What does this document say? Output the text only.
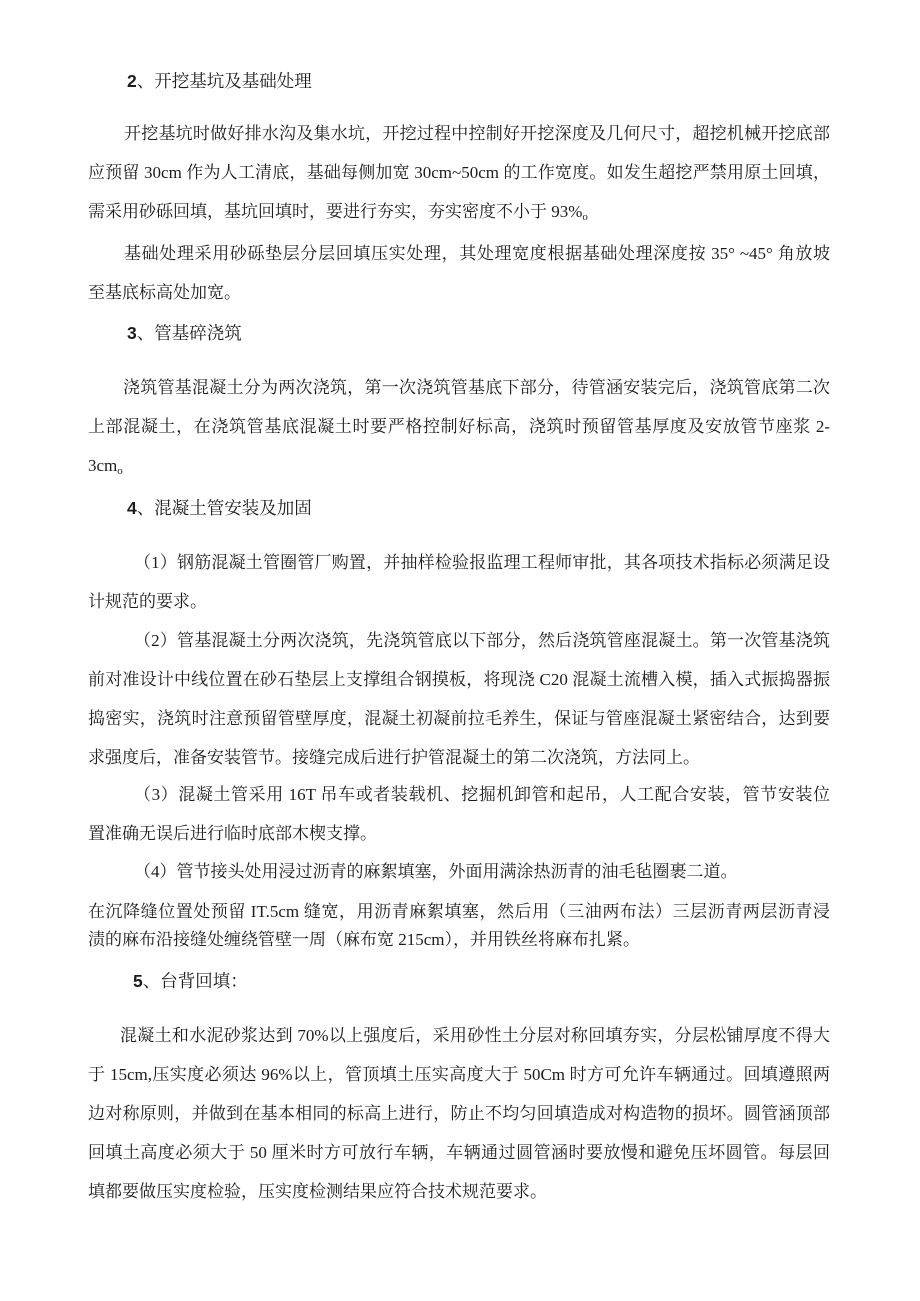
2、开挖基坑及基础处理
开挖基坑时做好排水沟及集水坑，开挖过程中控制好开挖深度及几何尺寸，超挖机械开挖底部
应预留 30cm 作为人工清底，基础每侧加宽 30cm~50cm 的工作宽度。如发生超挖严禁用原土回填，
需采用砂砾回填，基坑回填时，要进行夯实，夯实密度不小于 93%o
基础处理采用砂砾垫层分层回填压实处理，其处理宽度根据基础处理深度按 35° ~45° 角放坡
至基底标高处加宽。
3、管基碎浇筑
浇筑管基混凝土分为两次浇筑，第一次浇筑管基底下部分，待管涵安装完后，浇筑管底第二次
上部混凝土，在浇筑管基底混凝土时要严格控制好标高，浇筑时预留管基厚度及安放管节座浆 2-
3cmo
4、混凝土管安装及加固
（1）钢筋混凝土管圈管厂购置，并抽样检验报监理工程师审批，其各项技术指标必须满足设
计规范的要求。
（2）管基混凝土分两次浇筑，先浇筑管底以下部分，然后浇筑管座混凝土。第一次管基浇筑
前对准设计中线位置在砂石垫层上支撑组合钢摸板，将现浇 C20 混凝土流槽入模，插入式振捣器振
捣密实，浇筑时注意预留管壁厚度，混凝土初凝前拉毛养生，保证与管座混凝土紧密结合，达到要
求强度后，准备安装管节。接缝完成后进行护管混凝土的第二次浇筑，方法同上。
（3）混凝土管采用 16T 吊车或者装载机、挖掘机卸管和起吊，人工配合安装，管节安装位
置准确无误后进行临时底部木楔支撑。
（4）管节接头处用浸过沥青的麻絮填塞，外面用满涂热沥青的油毛毡圈裹二道。
在沉降缝位置处预留 IT.5cm 缝宽，用沥青麻絮填塞，然后用（三油两布法）三层沥青两层沥青浸
渍的麻布沿接缝处缠绕管壁一周（麻布宽 215cm），并用铁丝将麻布扎紧。
5、台背回填：
混凝土和水泥砂浆达到 70%以上强度后，采用砂性土分层对称回填夯实，分层松铺厚度不得大
于 15cm,压实度必须达 96%以上，管顶填土压实高度大于 50Cm 时方可允许车辆通过。回填遵照两
边对称原则，并做到在基本相同的标高上进行，防止不均匀回填造成对构造物的损坏。圆管涵顶部
回填土高度必须大于 50 厘米时方可放行车辆，车辆通过圆管涵时要放慢和避免压坏圆管。每层回
填都要做压实度检验，压实度检测结果应符合技术规范要求。
